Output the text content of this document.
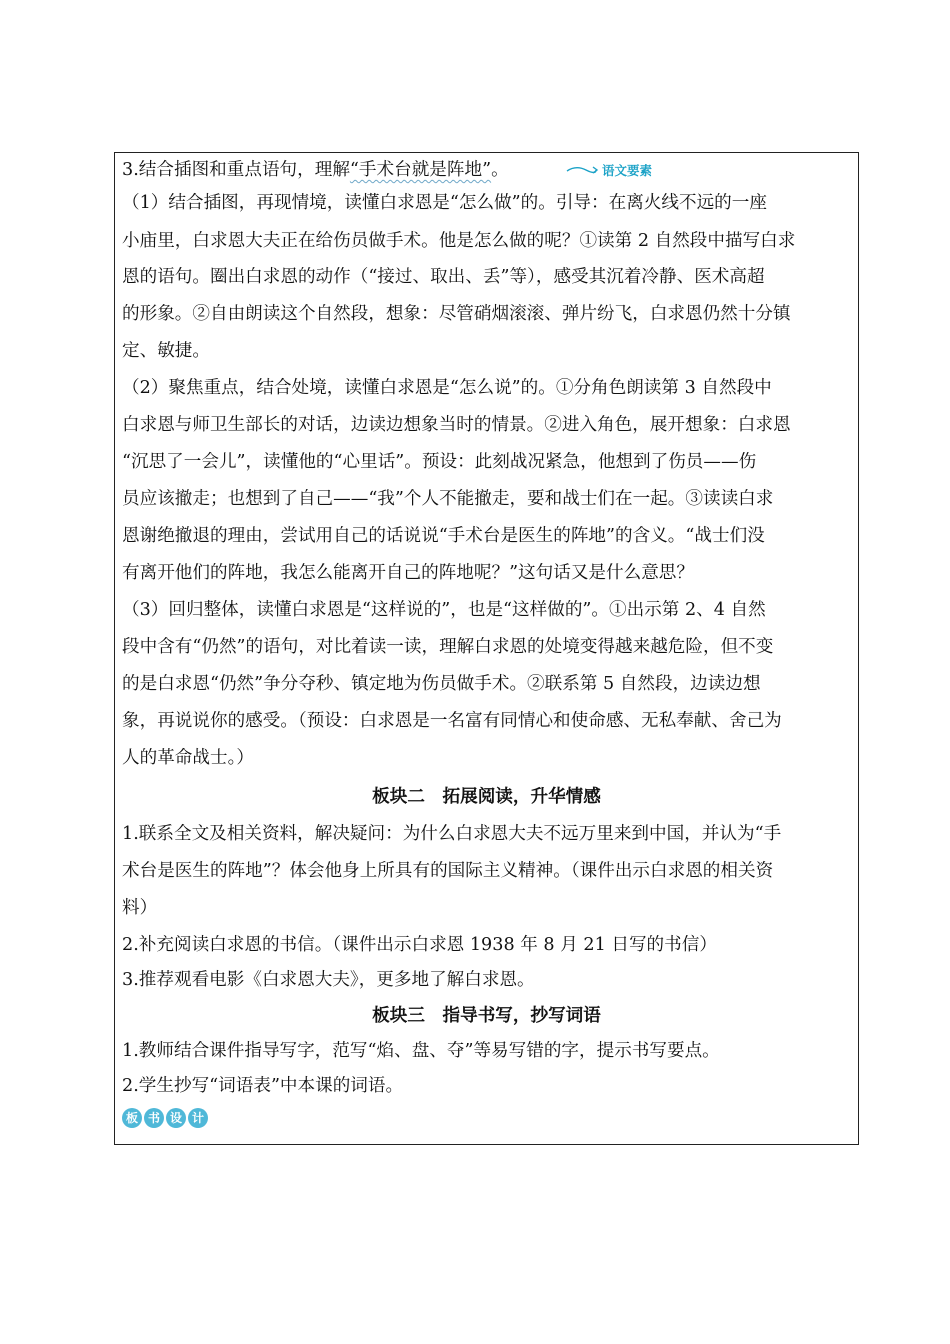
3.结合插图和重点语句，理解“手术台就是阵地”。	语文要素
（1）结合插图，再现情境，读懂白求恩是“怎么做”的。引导：在离火线不远的一座
小庙里，白求恩大夫正在给伤员做手术。他是怎么做的呢？①读第 2 自然段中描写白求
恩的语句。圈出白求恩的动作（“接过、取出、丢”等），感受其沉着冷静、医术高超
的形象。②自由朗读这个自然段，想象：尽管硝烟滚滚、弹片纷飞，白求恩仍然十分镇
定、敏捷。
（2）聚焦重点，结合处境，读懂白求恩是“怎么说”的。①分角色朗读第 3 自然段中
白求恩与师卫生部长的对话，边读边想象当时的情景。②进入角色，展开想象：白求恩
“沉思了一会儿”，读懂他的“心里话”。预设：此刻战况紧急，他想到了伤员——伤
员应该撤走；也想到了自己——“我”个人不能撤走，要和战士们在一起。③读读白求
恩谢绝撤退的理由，尝试用自己的话说说“手术台是医生的阵地”的含义。“战士们没
有离开他们的阵地，我怎么能离开自己的阵地呢？”这句话又是什么意思？
（3）回归整体，读懂白求恩是“这样说的”，也是“这样做的”。①出示第 2、4 自然
段中含有“仍然”的语句，对比着读一读，理解白求恩的处境变得越来越危险，但不变
的是白求恩“仍然”争分夺秒、镇定地为伤员做手术。②联系第 5 自然段，边读边想
象，再说说你的感受。（预设：白求恩是一名富有同情心和使命感、无私奉献、舍己为
人的革命战士。）
板块二　拓展阅读，升华情感
1.联系全文及相关资料，解决疑问：为什么白求恩大夫不远万里来到中国，并认为“手
术台是医生的阵地”？体会他身上所具有的国际主义精神。（课件出示白求恩的相关资
料）
2.补充阅读白求恩的书信。（课件出示白求恩 1938 年 8 月 21 日写的书信）
3.推荐观看电影《白求恩大夫》，更多地了解白求恩。
板块三　指导书写，抄写词语
1.教师结合课件指导写字，范写“焰、盘、夺”等易写错的字，提示书写要点。
2.学生抄写“词语表”中本课的词语。
板 书 设 计
